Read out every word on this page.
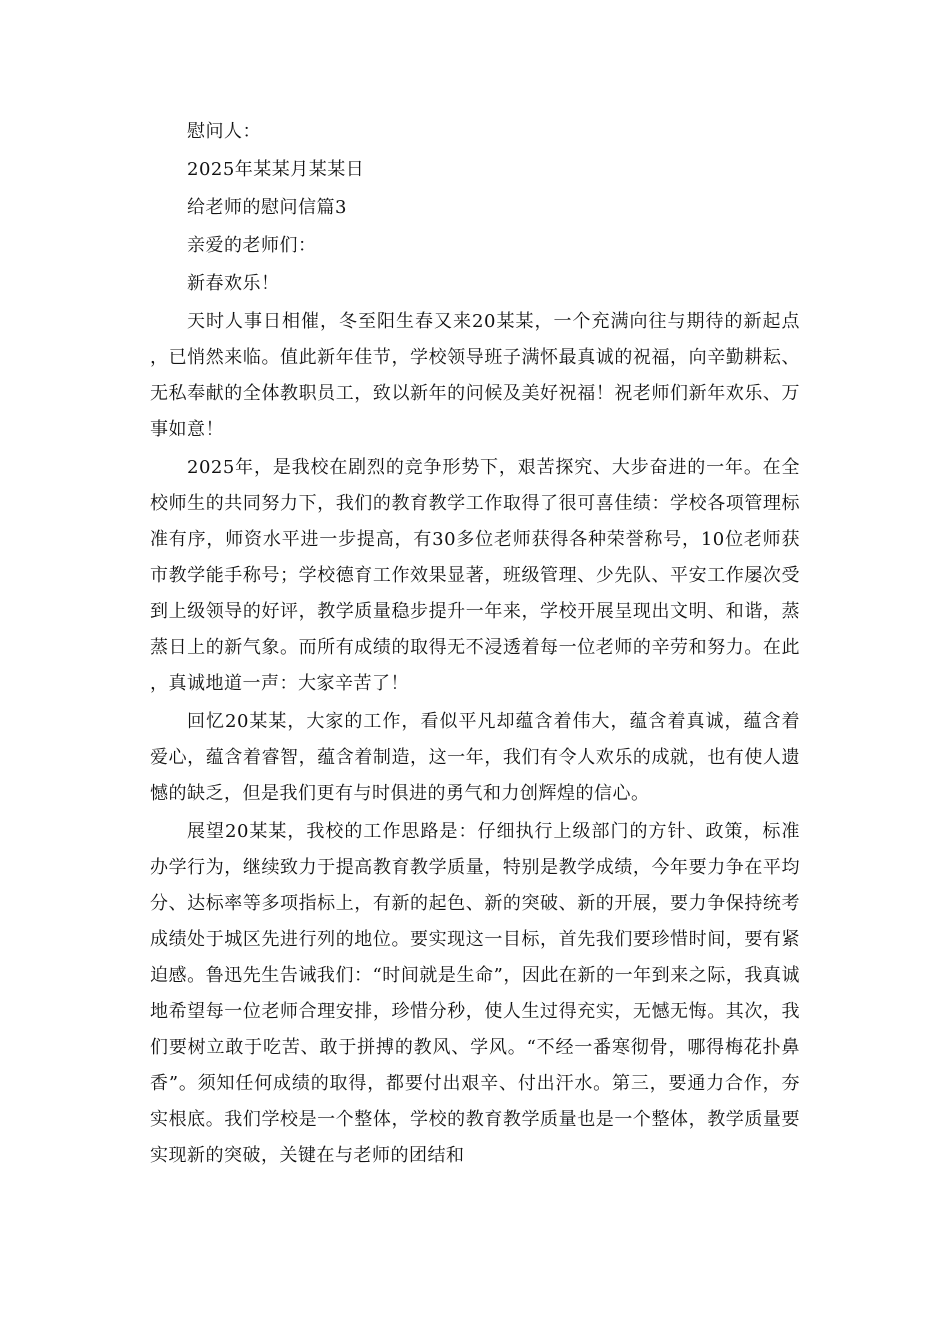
慰问人：

2025年某某月某某日

给老师的慰问信篇3

亲爱的老师们：

新春欢乐！

天时人事日相催，冬至阳生春又来20某某，一个充满向往与期待的新起点，已悄然来临。值此新年佳节，学校领导班子满怀最真诚的祝福，向辛勤耕耘、无私奉献的全体教职员工，致以新年的问候及美好祝福！祝老师们新年欢乐、万事如意！

2025年，是我校在剧烈的竞争形势下，艰苦探究、大步奋进的一年。在全校师生的共同努力下，我们的教育教学工作取得了很可喜佳绩：学校各项管理标准有序，师资水平进一步提高，有30多位老师获得各种荣誉称号，10位老师获市教学能手称号；学校德育工作效果显著，班级管理、少先队、平安工作屡次受到上级领导的好评，教学质量稳步提升一年来，学校开展呈现出文明、和谐，蒸蒸日上的新气象。而所有成绩的取得无不浸透着每一位老师的辛劳和努力。在此，真诚地道一声：大家辛苦了！

回忆20某某，大家的工作，看似平凡却蕴含着伟大，蕴含着真诚，蕴含着爱心，蕴含着睿智，蕴含着制造，这一年，我们有令人欢乐的成就，也有使人遗憾的缺乏，但是我们更有与时俱进的勇气和力创辉煌的信心。

展望20某某，我校的工作思路是：仔细执行上级部门的方针、政策，标准办学行为，继续致力于提高教育教学质量，特别是教学成绩，今年要力争在平均分、达标率等多项指标上，有新的起色、新的突破、新的开展，要力争保持统考成绩处于城区先进行列的地位。要实现这一目标，首先我们要珍惜时间，要有紧迫感。鲁迅先生告诫我们：“时间就是生命”，因此在新的一年到来之际，我真诚地希望每一位老师合理安排，珍惜分秒，使人生过得充实，无憾无悔。其次，我们要树立敢于吃苦、敢于拼搏的教风、学风。“不经一番寒彻骨，哪得梅花扑鼻香”。须知任何成绩的取得，都要付出艰辛、付出汗水。第三，要通力合作，夯实根底。我们学校是一个整体，学校的教育教学质量也是一个整体，教学质量要实现新的突破，关键在与老师的团结和
